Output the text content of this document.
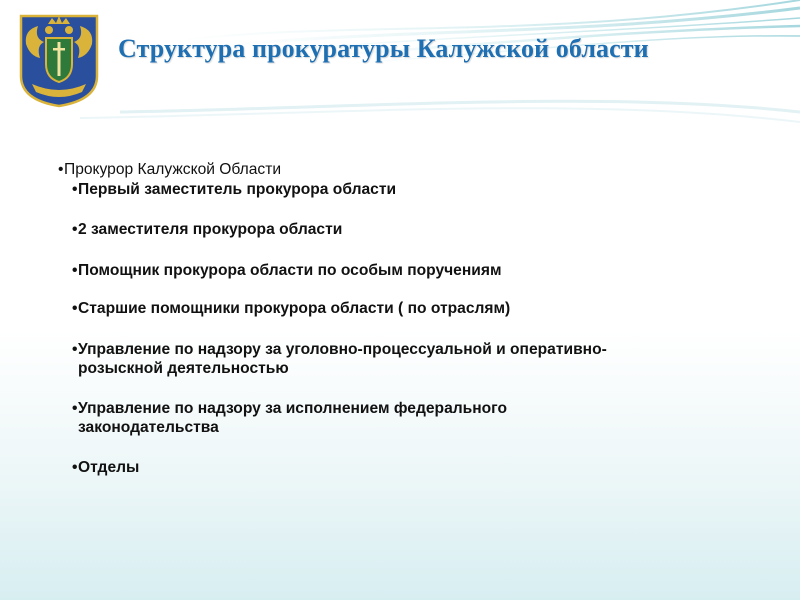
Структура прокуратуры Калужской области
•Прокурор Калужской Области
•Первый заместитель прокурора области
•2 заместителя прокурора области
•Помощник прокурора области по особым поручениям
•Старшие помощники прокурора области ( по отраслям)
•Управление по надзору за уголовно-процессуальной и оперативно-
розыскной деятельностью
•Управление по надзору за исполнением федерального
законодательства
•Отделы
